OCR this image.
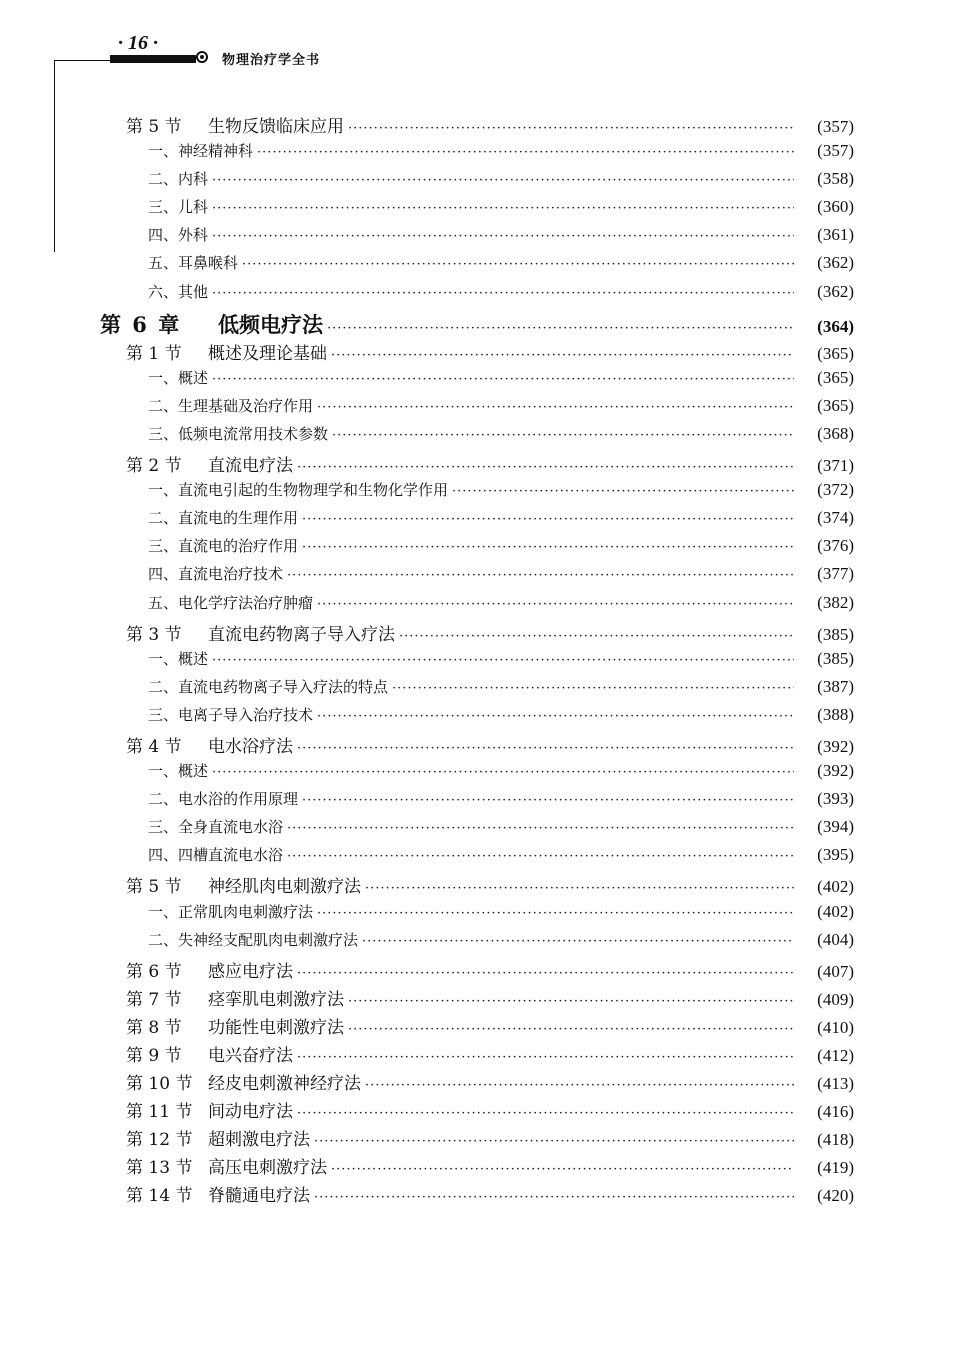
· 16 ·
物理治疗学全书
第 5 节	生物反馈临床应用 ·····	(357)
一、神经精神科 ·····	(357)
二、内科 ·····	(358)
三、儿科 ·····	(360)
四、外科 ·····	(361)
五、耳鼻喉科 ·····	(362)
六、其他 ·····	(362)
第 6 章	低频电疗法 ·····	(364)
第 1 节	概述及理论基础 ·····	(365)
一、概述 ·····	(365)
二、生理基础及治疗作用 ·····	(365)
三、低频电流常用技术参数 ·····	(368)
第 2 节	直流电疗法 ·····	(371)
一、直流电引起的生物物理学和生物化学作用 ·····	(372)
二、直流电的生理作用 ·····	(374)
三、直流电的治疗作用 ·····	(376)
四、直流电治疗技术 ·····	(377)
五、电化学疗法治疗肿瘤 ·····	(382)
第 3 节	直流电药物离子导入疗法 ·····	(385)
一、概述 ·····	(385)
二、直流电药物离子导入疗法的特点 ·····	(387)
三、电离子导入治疗技术 ·····	(388)
第 4 节	电水浴疗法 ·····	(392)
一、概述 ·····	(392)
二、电水浴的作用原理 ·····	(393)
三、全身直流电水浴 ·····	(394)
四、四槽直流电水浴 ·····	(395)
第 5 节	神经肌肉电刺激疗法 ·····	(402)
一、正常肌肉电刺激疗法 ·····	(402)
二、失神经支配肌肉电刺激疗法 ·····	(404)
第 6 节	感应电疗法 ·····	(407)
第 7 节	痉挛肌电刺激疗法 ·····	(409)
第 8 节	功能性电刺激疗法 ·····	(410)
第 9 节	电兴奋疗法 ·····	(412)
第 10 节 经皮电刺激神经疗法 ·····	(413)
第 11 节 间动电疗法 ·····	(416)
第 12 节 超刺激电疗法 ·····	(418)
第 13 节 高压电刺激疗法 ·····	(419)
第 14 节 脊髓通电疗法 ·····	(420)
